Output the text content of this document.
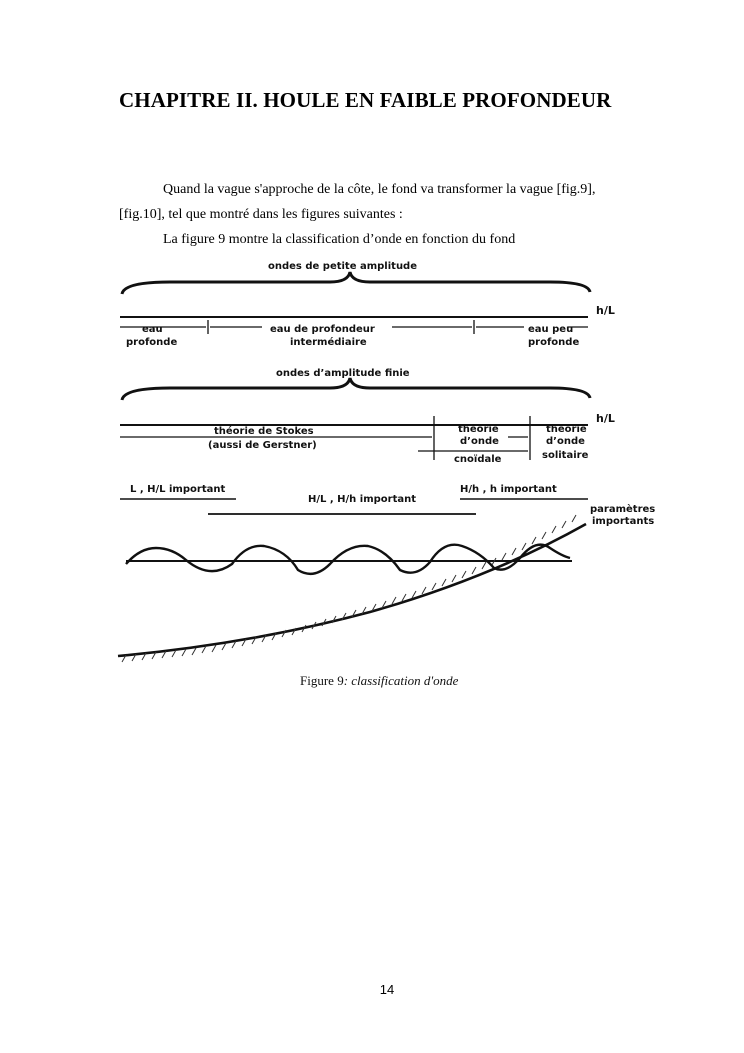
CHAPITRE II. HOULE EN FAIBLE PROFONDEUR
Quand la vague s'approche de la côte, le fond va transformer la vague [fig.9],
[fig.10], tel que montré dans les figures suivantes :
La figure 9 montre la classification d’onde en fonction du fond
ondes de petite amplitude
h/L
eau
profonde
eau de profondeur
intermédiaire
eau peu
profonde
ondes d’amplitude finie
h/L
théorie de Stokes
(aussi de Gerstner)
théorie
d’onde
cnoïdale
théorie
d’onde
solitaire
L , H/L important
H/L , H/h important
H/h , h important
paramètres
importants
Figure 9: classification d'onde
14
